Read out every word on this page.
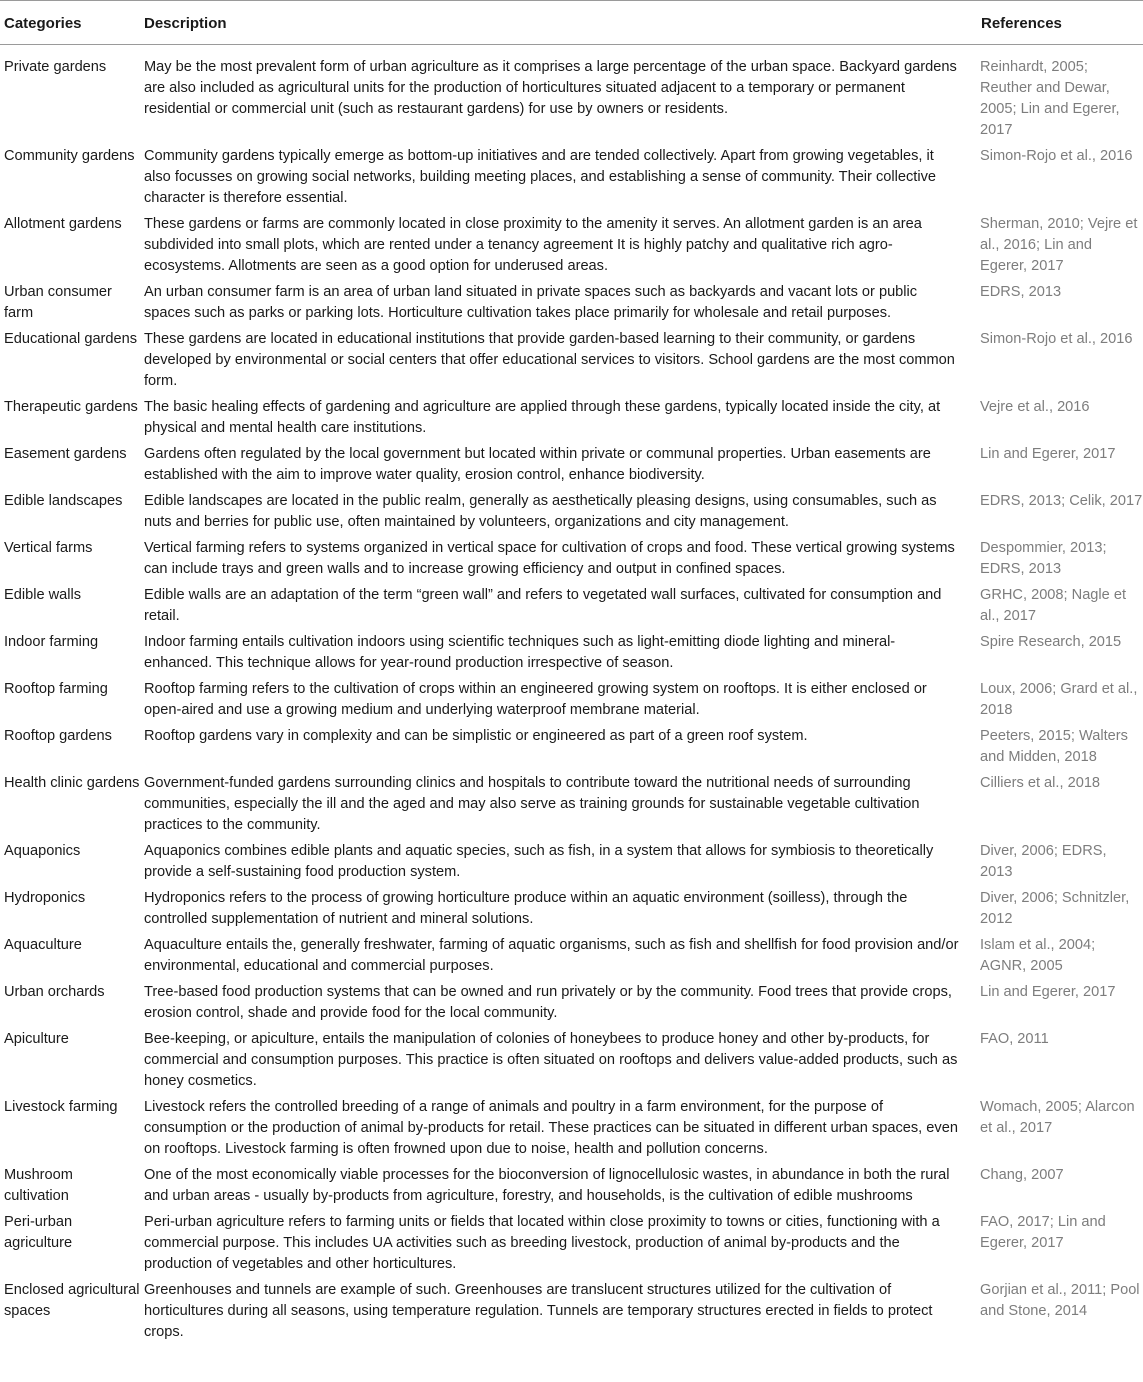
Categories	Description	References
Private gardens	May be the most prevalent form of urban agriculture as it comprises a large percentage of the urban space. Backyard gardens are also included as agricultural units for the production of horticultures situated adjacent to a temporary or permanent residential or commercial unit (such as restaurant gardens) for use by owners or residents.	Reinhardt, 2005; Reuther and Dewar, 2005; Lin and Egerer, 2017
Community gardens	Community gardens typically emerge as bottom-up initiatives and are tended collectively. Apart from growing vegetables, it also focusses on growing social networks, building meeting places, and establishing a sense of community. Their collective character is therefore essential.	Simon-Rojo et al., 2016
Allotment gardens	These gardens or farms are commonly located in close proximity to the amenity it serves. An allotment garden is an area subdivided into small plots, which are rented under a tenancy agreement It is highly patchy and qualitative rich agro-ecosystems. Allotments are seen as a good option for underused areas.	Sherman, 2010; Vejre et al., 2016; Lin and Egerer, 2017
Urban consumer farm	An urban consumer farm is an area of urban land situated in private spaces such as backyards and vacant lots or public spaces such as parks or parking lots. Horticulture cultivation takes place primarily for wholesale and retail purposes.	EDRS, 2013
Educational gardens	These gardens are located in educational institutions that provide garden-based learning to their community, or gardens developed by environmental or social centers that offer educational services to visitors. School gardens are the most common form.	Simon-Rojo et al., 2016
Therapeutic gardens	The basic healing effects of gardening and agriculture are applied through these gardens, typically located inside the city, at physical and mental health care institutions.	Vejre et al., 2016
Easement gardens	Gardens often regulated by the local government but located within private or communal properties. Urban easements are established with the aim to improve water quality, erosion control, enhance biodiversity.	Lin and Egerer, 2017
Edible landscapes	Edible landscapes are located in the public realm, generally as aesthetically pleasing designs, using consumables, such as nuts and berries for public use, often maintained by volunteers, organizations and city management.	EDRS, 2013; Celik, 2017
Vertical farms	Vertical farming refers to systems organized in vertical space for cultivation of crops and food. These vertical growing systems can include trays and green walls and to increase growing efficiency and output in confined spaces.	Despommier, 2013; EDRS, 2013
Edible walls	Edible walls are an adaptation of the term “green wall” and refers to vegetated wall surfaces, cultivated for consumption and retail.	GRHC, 2008; Nagle et al., 2017
Indoor farming	Indoor farming entails cultivation indoors using scientific techniques such as light-emitting diode lighting and mineral-enhanced. This technique allows for year-round production irrespective of season.	Spire Research, 2015
Rooftop farming	Rooftop farming refers to the cultivation of crops within an engineered growing system on rooftops. It is either enclosed or open-aired and use a growing medium and underlying waterproof membrane material.	Loux, 2006; Grard et al., 2018
Rooftop gardens	Rooftop gardens vary in complexity and can be simplistic or engineered as part of a green roof system.	Peeters, 2015; Walters and Midden, 2018
Health clinic gardens	Government-funded gardens surrounding clinics and hospitals to contribute toward the nutritional needs of surrounding communities, especially the ill and the aged and may also serve as training grounds for sustainable vegetable cultivation practices to the community.	Cilliers et al., 2018
Aquaponics	Aquaponics combines edible plants and aquatic species, such as fish, in a system that allows for symbiosis to theoretically provide a self-sustaining food production system.	Diver, 2006; EDRS, 2013
Hydroponics	Hydroponics refers to the process of growing horticulture produce within an aquatic environment (soilless), through the controlled supplementation of nutrient and mineral solutions.	Diver, 2006; Schnitzler, 2012
Aquaculture	Aquaculture entails the, generally freshwater, farming of aquatic organisms, such as fish and shellfish for food provision and/or environmental, educational and commercial purposes.	Islam et al., 2004; AGNR, 2005
Urban orchards	Tree-based food production systems that can be owned and run privately or by the community. Food trees that provide crops, erosion control, shade and provide food for the local community.	Lin and Egerer, 2017
Apiculture	Bee-keeping, or apiculture, entails the manipulation of colonies of honeybees to produce honey and other by-products, for commercial and consumption purposes. This practice is often situated on rooftops and delivers value-added products, such as honey cosmetics.	FAO, 2011
Livestock farming	Livestock refers the controlled breeding of a range of animals and poultry in a farm environment, for the purpose of consumption or the production of animal by-products for retail. These practices can be situated in different urban spaces, even on rooftops. Livestock farming is often frowned upon due to noise, health and pollution concerns.	Womach, 2005; Alarcon et al., 2017
Mushroom cultivation	One of the most economically viable processes for the bioconversion of lignocellulosic wastes, in abundance in both the rural and urban areas - usually by-products from agriculture, forestry, and households, is the cultivation of edible mushrooms	Chang, 2007
Peri-urban agriculture	Peri-urban agriculture refers to farming units or fields that located within close proximity to towns or cities, functioning with a commercial purpose. This includes UA activities such as breeding livestock, production of animal by-products and the production of vegetables and other horticultures.	FAO, 2017; Lin and Egerer, 2017
Enclosed agricultural spaces	Greenhouses and tunnels are example of such. Greenhouses are translucent structures utilized for the cultivation of horticultures during all seasons, using temperature regulation. Tunnels are temporary structures erected in fields to protect crops.	Gorjian et al., 2011; Pool and Stone, 2014
